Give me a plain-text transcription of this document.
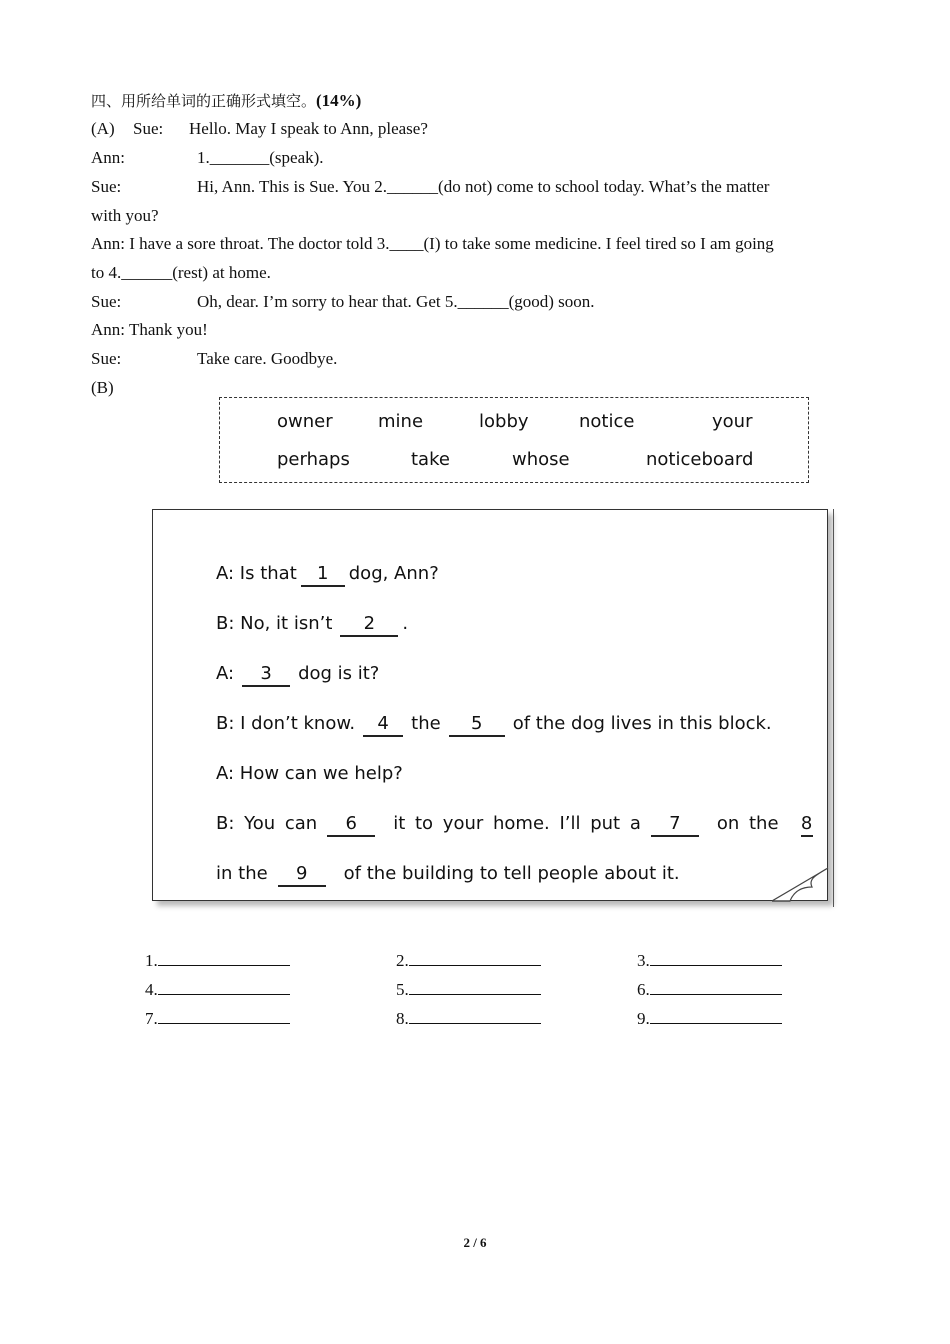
四、用所给单词的正确形式填空。(14%)
(A) Sue: Hello. May I speak to Ann, please?
Ann:	1._______(speak).
Sue:	Hi, Ann. This is Sue. You 2.______(do not) come to school today. What’s the matter
with you?
Ann: I have a sore throat. The doctor told 3.____(I) to take some medicine. I feel tired so I am going
to 4.______(rest) at home.
Sue:	Oh, dear. I’m sorry to hear that. Get 5.______(good) soon.
Ann: Thank you!
Sue:	Take care. Goodbye.
(B)
owner	mine	lobby	notice	your
perhaps	take	whose	noticeboard
A: Is that 1 dog, Ann?
B: No, it isn’t 2 .
A: 3 dog is it?
B: I don’t know. 4 the 5 of the dog lives in this block.
A: How can we help?
B: You can 6 it to your home. I’ll put a 7 on the 8
in the 9 of the building to tell people about it.
1.	2.	3.
4.	5.	6.
7.	8.	9.
2 / 6
